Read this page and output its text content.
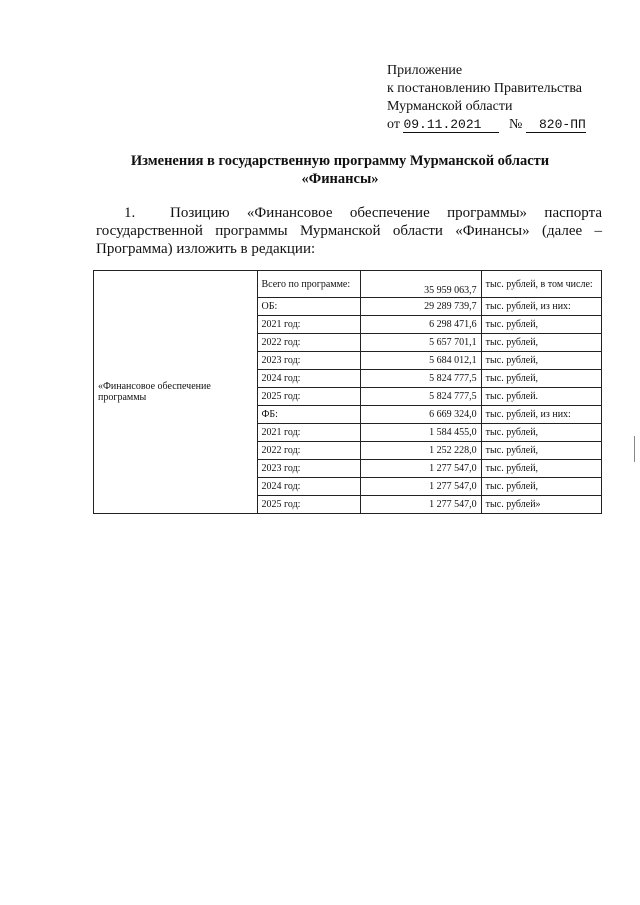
Приложение
к постановлению Правительства
Мурманской области
от 09.11.2021 № 820-ПП
Изменения в государственную программу Мурманской области
«Финансы»
1. Позицию «Финансовое обеспечение программы» паспорта государственной программы Мурманской области «Финансы» (далее – Программа) изложить в редакции:
«Финансовое обеспечение программы	Всего по программе:	35 959 063,7	тыс. рублей, в том числе:
	ОБ:	29 289 739,7	тыс. рублей, из них:
	2021 год:	6 298 471,6	тыс. рублей,
	2022 год:	5 657 701,1	тыс. рублей,
	2023 год:	5 684 012,1	тыс. рублей,
	2024 год:	5 824 777,5	тыс. рублей,
	2025 год:	5 824 777,5	тыс. рублей.
	ФБ:	6 669 324,0	тыс. рублей, из них:
	2021 год:	1 584 455,0	тыс. рублей,
	2022 год:	1 252 228,0	тыс. рублей,
	2023 год:	1 277 547,0	тыс. рублей,
	2024 год:	1 277 547,0	тыс. рублей,
	2025 год:	1 277 547,0	тыс. рублей»
